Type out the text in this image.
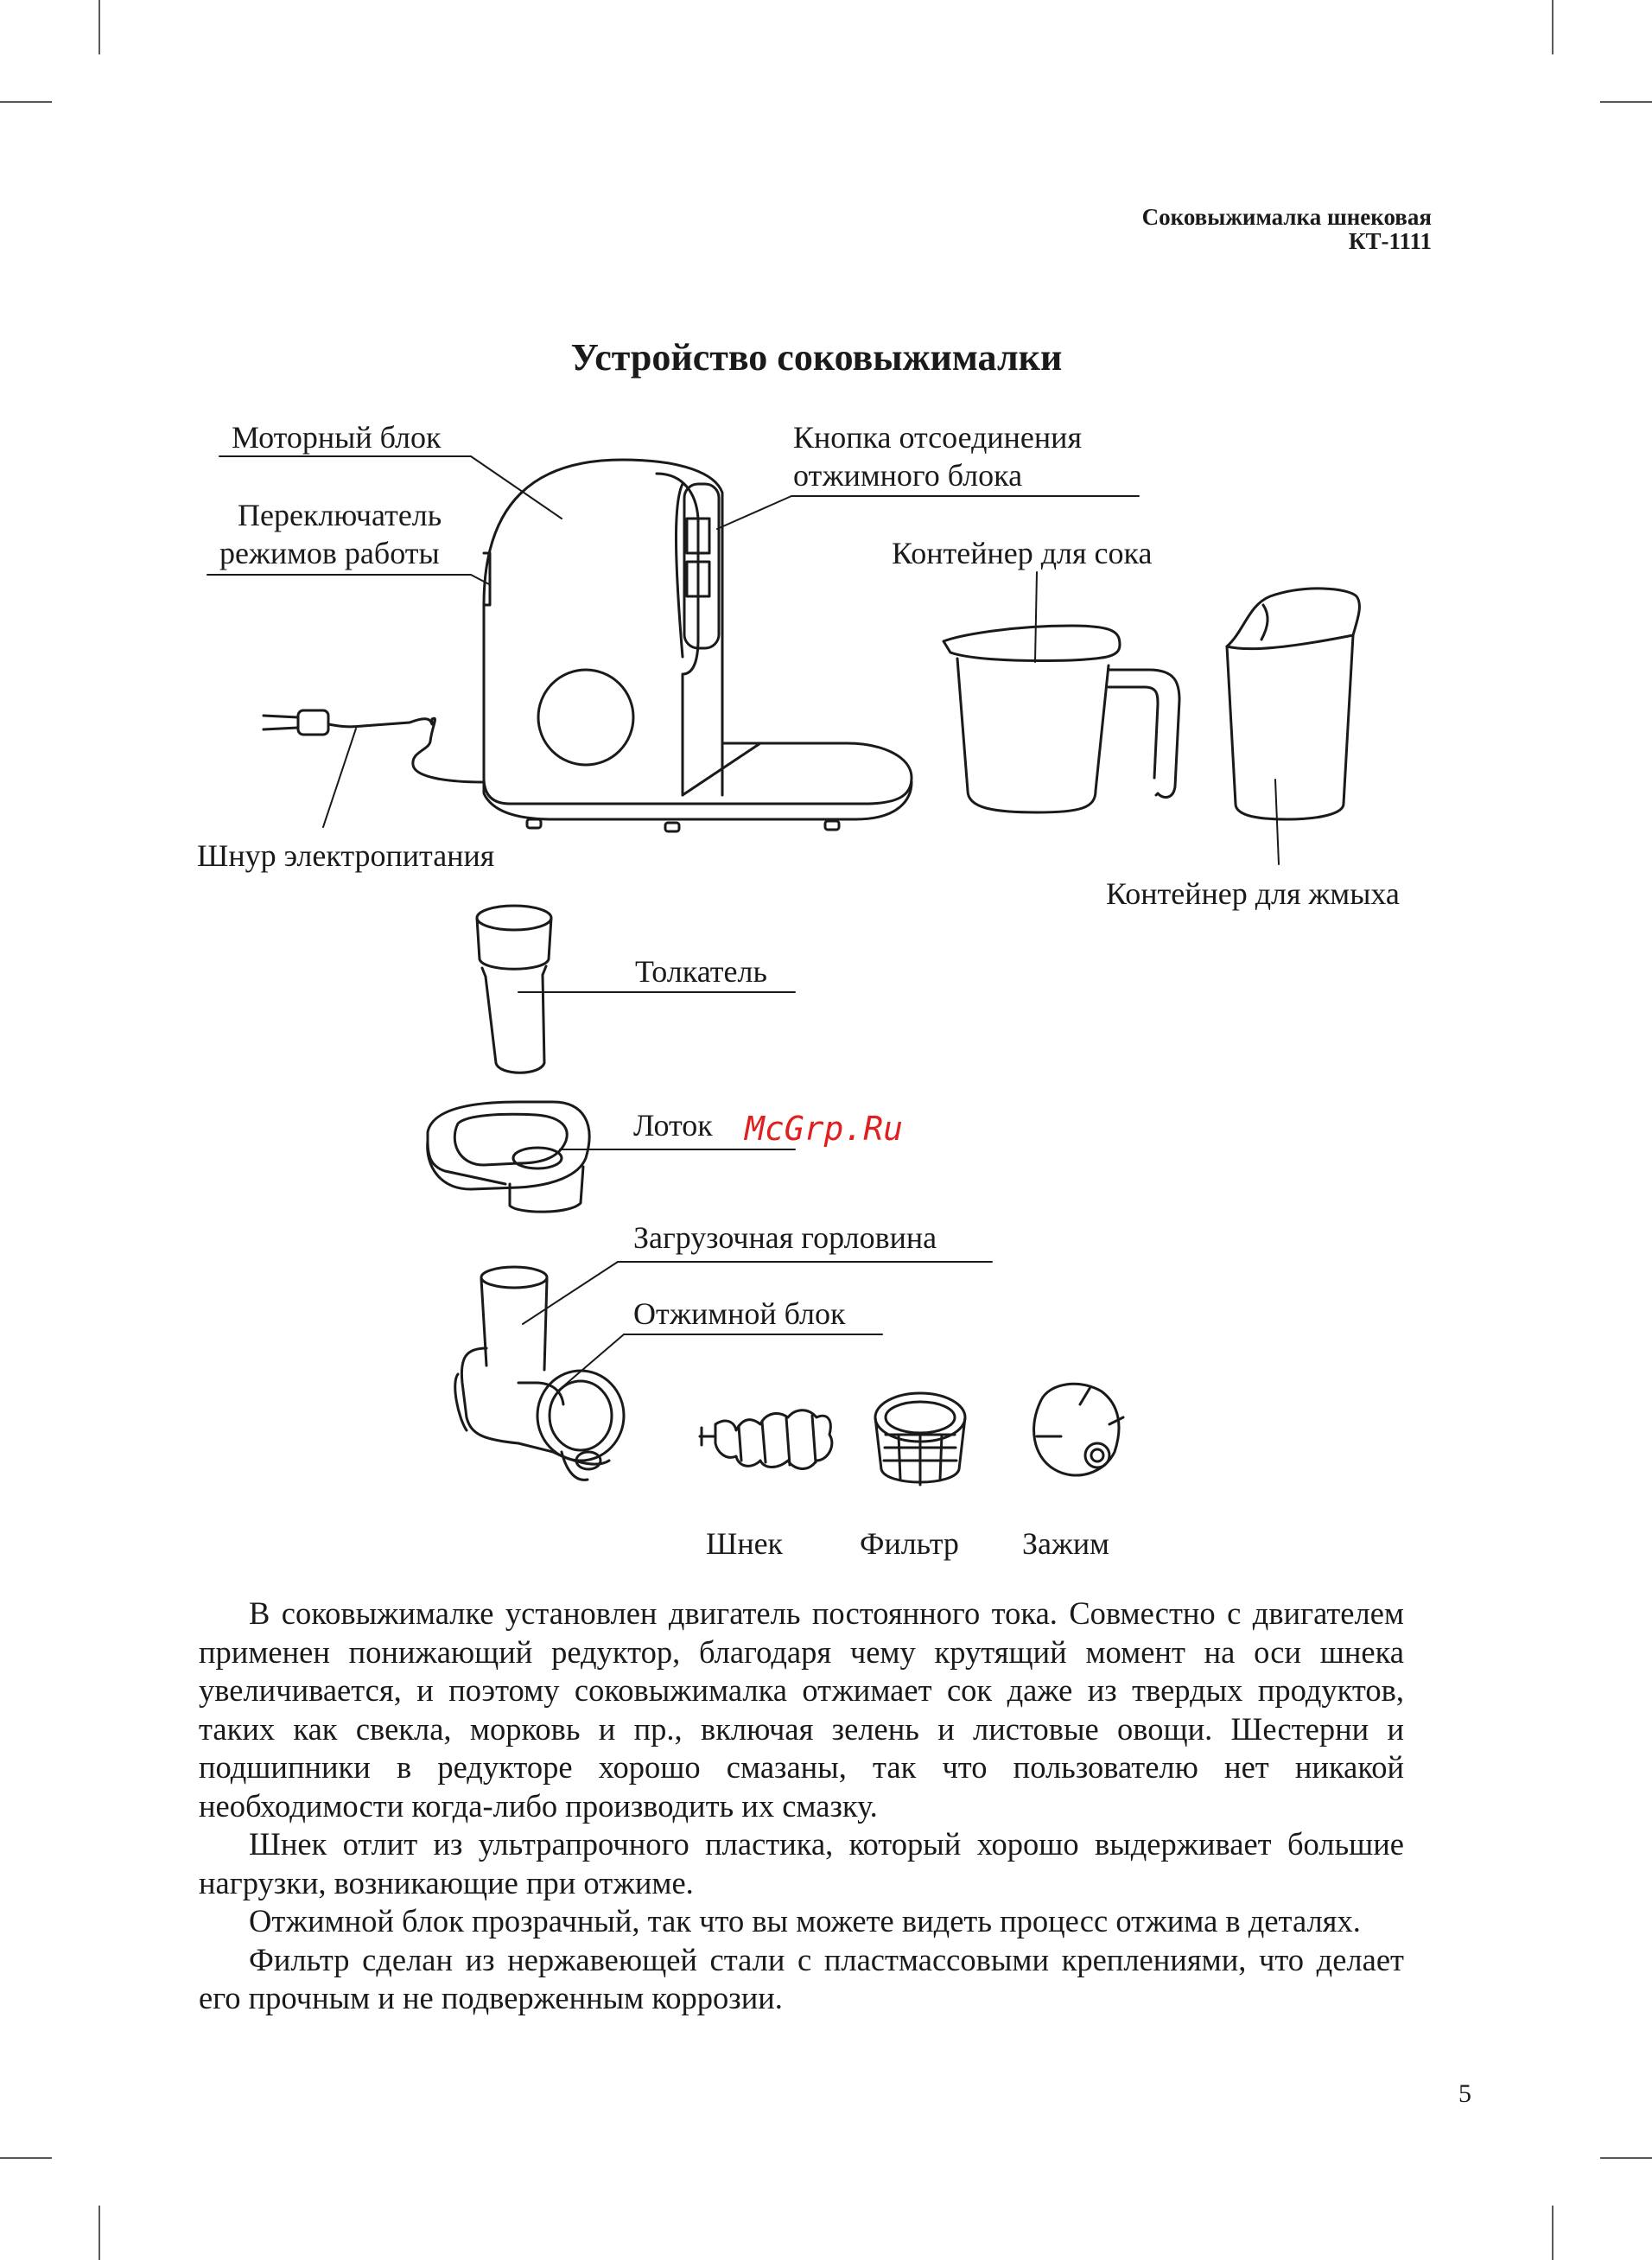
Соковыжималка шнековая
КТ-1111
Устройство соковыжималки
Моторный блок
Переключатель
режимов работы
Кнопка отсоединения
отжимного блока
Контейнер для сока
Шнур электропитания
Контейнер для жмыха
Толкатель
Лоток McGrp.Ru
Загрузочная горловина
Отжимной блок
Шнек Фильтр Зажим

В соковыжималке установлен двигатель постоянного тока. Совместно с двигателем применен понижающий редуктор, благодаря чему крутящий момент на оси шнека увеличивается, и поэтому соковыжималка отжимает сок даже из твердых продуктов, таких как свекла, морковь и пр., включая зелень и листовые овощи. Шестерни и подшипники в редукторе хорошо смазаны, так что пользователю нет никакой необходимости когда-либо производить их смазку.

Шнек отлит из ультрапрочного пластика, который хорошо выдерживает большие нагрузки, возникающие при отжиме.

Отжимной блок прозрачный, так что вы можете видеть процесс отжима в деталях.

Фильтр сделан из нержавеющей стали с пластмассовыми креплениями, что делает его прочным и не подверженным коррозии.

5
